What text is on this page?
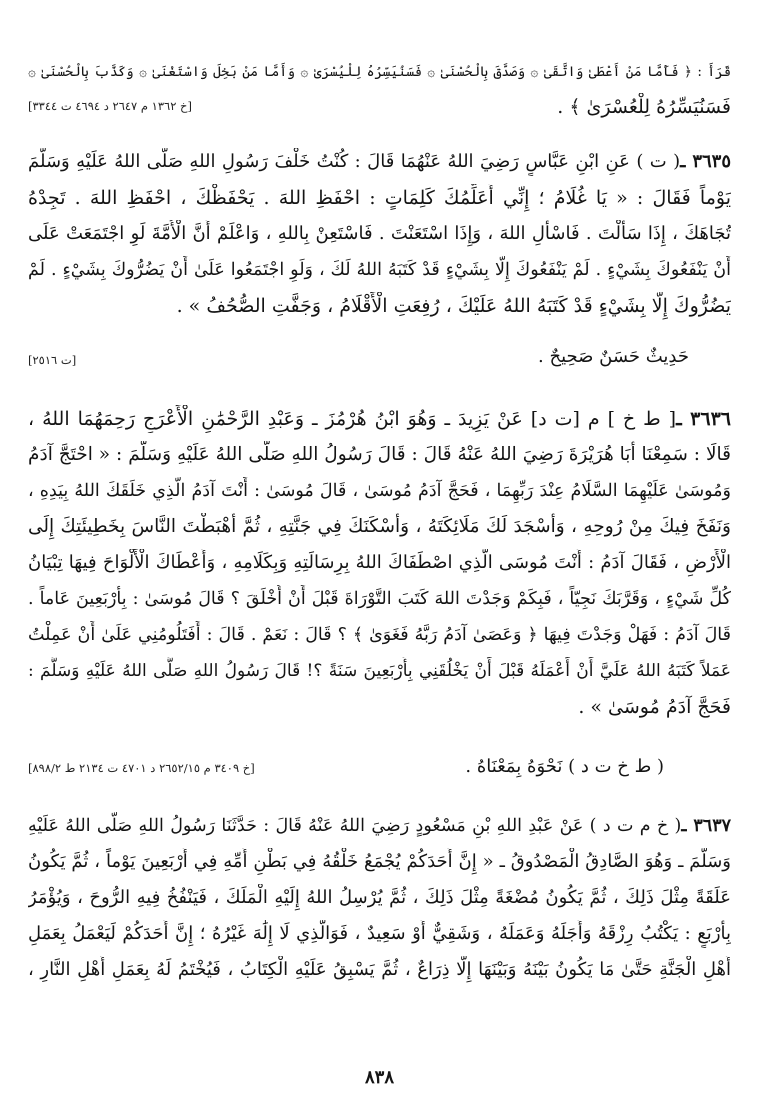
قَرَأَ : ﴿ فَأَمَّا مَنْ أَعْطَىٰ وَاتَّقَىٰ ۞ وَصَدَّقَ بِالْحُسْنَىٰ ۞ فَسَنُيَسِّرُهُ لِلْيُسْرَىٰ ۞ وَأَمَّا مَنْ بَخِلَ وَاسْتَغْنَىٰ ۞ وَكَذَّبَ بِالْحُسْنَىٰ ۞
فَسَنُيَسِّرُهُ لِلْعُسْرَىٰ ﴾ .
[خ ١٣٦٢ م ٢٦٤٧ د ٤٦٩٤ ت ٣٣٤٤]
٣٦٣٥ ـ( ت ) عَنِ ابْنِ عَبَّاسٍ رَضِيَ اللهُ عَنْهُمَا قَالَ : كُنْتُ خَلْفَ رَسُولِ اللهِ صَلَّى اللهُ عَلَيْهِ وَسَلَّمَ
يَوْماً فَقَالَ : « يَا غُلَامُ ؛ إِنِّي أُعَلِّمُكَ كَلِمَاتٍ : احْفَظِ اللهَ . يَحْفَظْكَ ، احْفَظِ اللهَ . تَجِدْهُ
تُجَاهَكَ ، إِذَا سَأَلْتَ . فَاسْأَلِ اللهَ ، وَإِذَا اسْتَعَنْتَ . فَاسْتَعِنْ بِاللهِ ، وَاعْلَمْ أَنَّ الْأُمَّةَ لَوِ اجْتَمَعَتْ عَلَى
أَنْ يَنْفَعُوكَ بِشَيْءٍ . لَمْ يَنْفَعُوكَ إِلَّا بِشَيْءٍ قَدْ كَتَبَهُ اللهُ لَكَ ، وَلَوِ اجْتَمَعُوا عَلَىٰ أَنْ يَضُرُّوكَ بِشَيْءٍ . لَمْ
يَضُرُّوكَ إِلَّا بِشَيْءٍ قَدْ كَتَبَهُ اللهُ عَلَيْكَ ، رُفِعَتِ الْأَقْلَامُ ، وَجَفَّتِ الصُّحُفُ » .
حَدِيثٌ حَسَنٌ صَحِيحٌ .
[ت ٢٥١٦]
٣٦٣٦ ـ[ ط خ ] م [ت د] عَنْ يَزِيدَ ـ وَهُوَ ابْنُ هُرْمُزَ ـ وَعَبْدِ الرَّحْمَٰنِ الْأَعْرَجِ رَحِمَهُمَا اللهُ ،
قَالَا : سَمِعْنَا أَبَا هُرَيْرَةَ رَضِيَ اللهُ عَنْهُ قَالَ : قَالَ رَسُولُ اللهِ صَلَّى اللهُ عَلَيْهِ وَسَلَّمَ : « احْتَجَّ آدَمُ
وَمُوسَىٰ عَلَيْهِمَا السَّلَامُ عِنْدَ رَبِّهِمَا ، فَحَجَّ آدَمُ مُوسَىٰ ، قَالَ مُوسَىٰ : أَنْتَ آدَمُ الَّذِي خَلَقَكَ اللهُ بِيَدِهِ ،
وَنَفَخَ فِيكَ مِنْ رُوحِهِ ، وَأَسْجَدَ لَكَ مَلَائِكَتَهُ ، وَأَسْكَنَكَ فِي جَنَّتِهِ ، ثُمَّ أَهْبَطْتَ النَّاسَ بِخَطِيئَتِكَ إِلَى
الْأَرْضِ ، فَقَالَ آدَمُ : أَنْتَ مُوسَى الَّذِي اصْطَفَاكَ اللهُ بِرِسَالَتِهِ وَبِكَلَامِهِ ، وَأَعْطَاكَ الْأَلْوَاحَ فِيهَا تِبْيَانُ
كُلِّ شَيْءٍ ، وَقَرَّبَكَ نَجِيّاً ، فَبِكَمْ وَجَدْتَ اللهَ كَتَبَ التَّوْرَاةَ قَبْلَ أَنْ أُخْلَقَ ؟ قَالَ مُوسَىٰ : بِأَرْبَعِينَ عَاماً .
قَالَ آدَمُ : فَهَلْ وَجَدْتَ فِيهَا ﴿ وَعَصَىٰ آدَمُ رَبَّهُ فَغَوَىٰ ﴾ ؟ قَالَ : نَعَمْ . قَالَ : أَفَتَلُومُنِي عَلَىٰ أَنْ عَمِلْتُ
عَمَلاً كَتَبَهُ اللهُ عَلَيَّ أَنْ أَعْمَلَهُ قَبْلَ أَنْ يَخْلُقَنِي بِأَرْبَعِينَ سَنَةً ؟! قَالَ رَسُولُ اللهِ صَلَّى اللهُ عَلَيْهِ وَسَلَّمَ :
فَحَجَّ آدَمُ مُوسَىٰ » .
( ط خ ت د ) نَحْوَهُ بِمَعْنَاهُ .
[خ ٣٤٠٩ م ٢٦٥٢/١٥ د ٤٧٠١ ت ٢١٣٤ ط ٨٩٨/٢]
٣٦٣٧ ـ( خ م ت د ) عَنْ عَبْدِ اللهِ بْنِ مَسْعُودٍ رَضِيَ اللهُ عَنْهُ قَالَ : حَدَّثَنَا رَسُولُ اللهِ صَلَّى اللهُ عَلَيْهِ
وَسَلَّمَ ـ وَهُوَ الصَّادِقُ الْمَصْدُوقُ ـ « إِنَّ أَحَدَكُمْ يُجْمَعُ خَلْقُهُ فِي بَطْنِ أُمِّهِ فِي أَرْبَعِينَ يَوْماً ، ثُمَّ يَكُونُ
عَلَقَةً مِثْلَ ذَلِكَ ، ثُمَّ يَكُونُ مُضْغَةً مِثْلَ ذَلِكَ ، ثُمَّ يُرْسِلُ اللهُ إِلَيْهِ الْمَلَكَ ، فَيَنْفُخُ فِيهِ الرُّوحَ ، وَيُؤْمَرُ
بِأَرْبَعٍ : يَكْتُبُ رِزْقَهُ وَأَجَلَهُ وَعَمَلَهُ ، وَشَقِيٌّ أَوْ سَعِيدٌ ، فَوَالَّذِي لَا إِلَٰهَ غَيْرُهُ ؛ إِنَّ أَحَدَكُمْ لَيَعْمَلُ بِعَمَلِ
أَهْلِ الْجَنَّةِ حَتَّىٰ مَا يَكُونُ بَيْنَهُ وَبَيْنَهَا إِلَّا ذِرَاعٌ ، ثُمَّ يَسْبِقُ عَلَيْهِ الْكِتَابُ ، فَيُخْتَمُ لَهُ بِعَمَلِ أَهْلِ النَّارِ ،
٨٣٨
